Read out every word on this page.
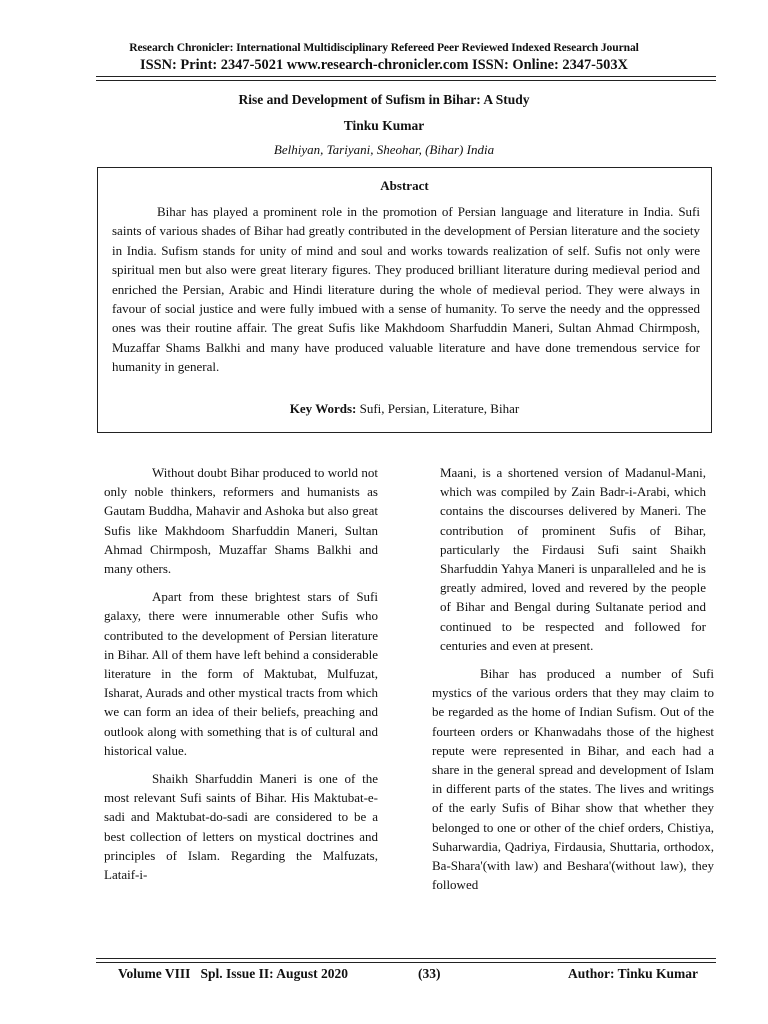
Research Chronicler: International Multidisciplinary Refereed Peer Reviewed Indexed Research Journal
ISSN: Print: 2347-5021 www.research-chronicler.com ISSN: Online: 2347-503X
Rise and Development of Sufism in Bihar: A Study
Tinku Kumar
Belhiyan, Tariyani, Sheohar, (Bihar) India
Abstract

Bihar has played a prominent role in the promotion of Persian language and literature in India. Sufi saints of various shades of Bihar had greatly contributed in the development of Persian literature and the society in India. Sufism stands for unity of mind and soul and works towards realization of self. Sufis not only were spiritual men but also were great literary figures. They produced brilliant literature during medieval period and enriched the Persian, Arabic and Hindi literature during the whole of medieval period. They were always in favour of social justice and were fully imbued with a sense of humanity. To serve the needy and the oppressed ones was their routine affair. The great Sufis like Makhdoom Sharfuddin Maneri, Sultan Ahmad Chirmposh, Muzaffar Shams Balkhi and many have produced valuable literature and have done tremendous service for humanity in general.

Key Words: Sufi, Persian, Literature, Bihar

Without doubt Bihar produced to world not only noble thinkers, reformers and humanists as Gautam Buddha, Mahavir and Ashoka but also great Sufis like Makhdoom Sharfuddin Maneri, Sultan Ahmad Chirmposh, Muzaffar Shams Balkhi and many others.

Apart from these brightest stars of Sufi galaxy, there were innumerable other Sufis who contributed to the development of Persian literature in Bihar. All of them have left behind a considerable literature in the form of Maktubat, Mulfuzat, Isharat, Aurads and other mystical tracts from which we can form an idea of their beliefs, preaching and outlook along with something that is of cultural and historical value.

Shaikh Sharfuddin Maneri is one of the most relevant Sufi saints of Bihar. His Maktubat-e-sadi and Maktubat-do-sadi are considered to be a best collection of letters on mystical doctrines and principles of Islam. Regarding the Malfuzats, Lataif-i-

Maani, is a shortened version of Madanul-Mani, which was compiled by Zain Badr-i-Arabi, which contains the discourses delivered by Maneri. The contribution of prominent Sufis of Bihar, particularly the Firdausi Sufi saint Shaikh Sharfuddin Yahya Maneri is unparalleled and he is greatly admired, loved and revered by the people of Bihar and Bengal during Sultanate period and continued to be respected and followed for centuries and even at present.

Bihar has produced a number of Sufi mystics of the various orders that they may claim to be regarded as the home of Indian Sufism. Out of the fourteen orders or Khanwadahs those of the highest repute were represented in Bihar, and each had a share in the general spread and development of Islam in different parts of the states. The lives and writings of the early Sufis of Bihar show that whether they belonged to one or other of the chief orders, Chistiya, Suharwardia, Qadriya, Firdausia, Shuttaria, orthodox, Ba-Shara'(with law) and Beshara'(without law), they followed

Volume VIII   Spl. Issue II: August 2020	(33)	Author: Tinku Kumar
